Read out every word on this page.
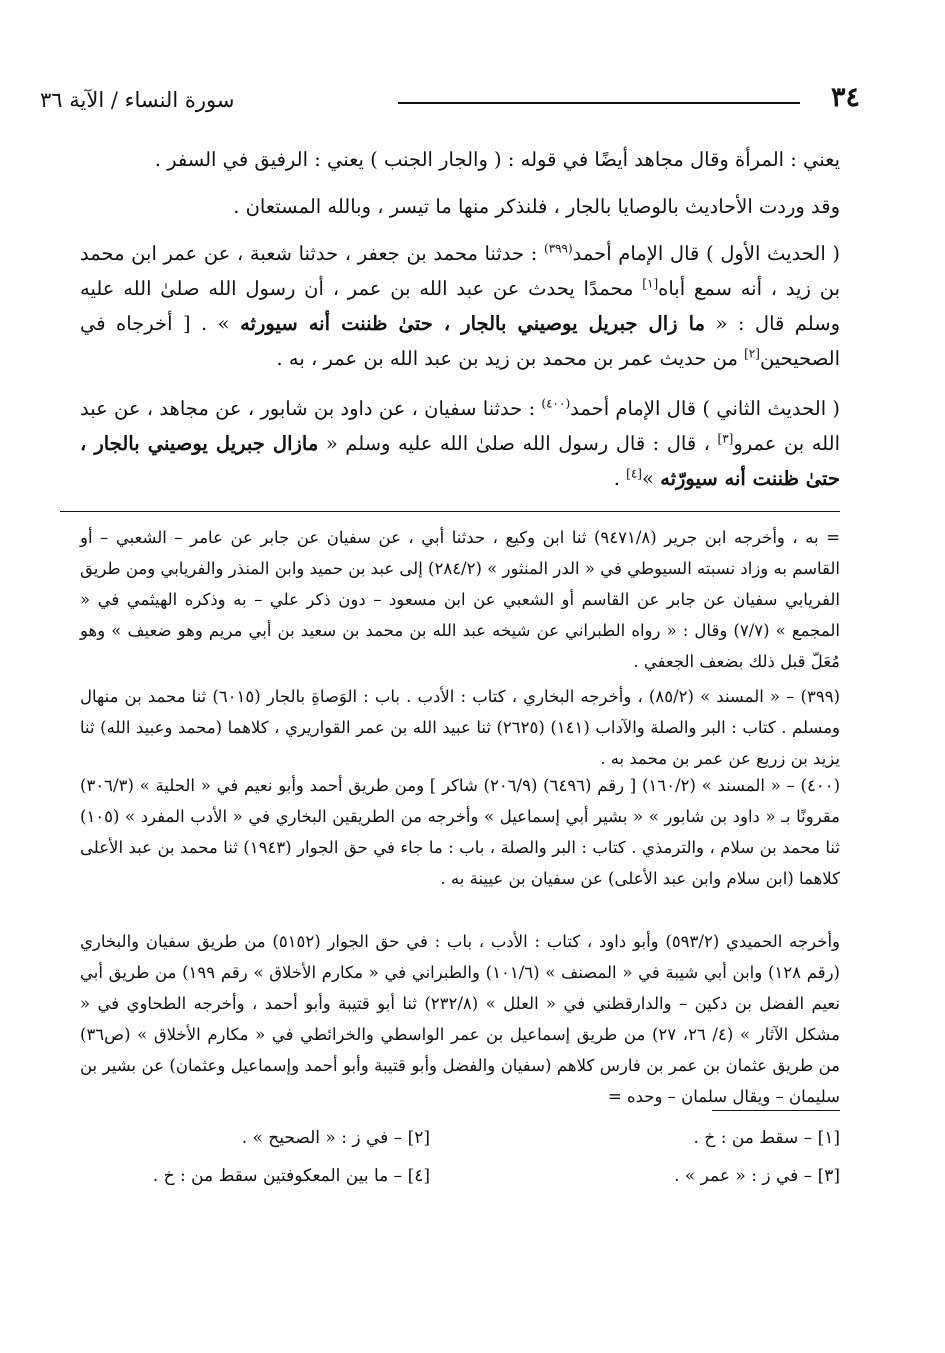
٣٤
سورة النساء / الآية ٣٦

يعني : المرأة وقال مجاهد أيضًا في قوله : ( والجار الجنب ) يعني : الرفيق في السفر .

وقد وردت الأحاديث بالوصايا بالجار ، فلنذكر منها ما تيسر ، وبالله المستعان .

( الحديث الأول ) قال الإمام أحمد$^{(٣٩٩)}$ : حدثنا محمد بن جعفر ، حدثنا شعبة ، عن عمر ابن محمد بن زيد ، أنه سمع أباه[١] محمدًا يحدث عن عبد الله بن عمر ، أن رسول الله صلىٰ الله عليه وسلم قال : « ما زال جبريل يوصيني بالجار ، حتىٰ ظننت أنه سيورثه » . [ أخرجاه في الصحيحين[٢] من حديث عمر بن محمد بن زيد بن عبد الله بن عمر ، به .

( الحديث الثاني ) قال الإمام أحمد$^{(٤٠٠)}$ : حدثنا سفيان ، عن داود بن شابور ، عن مجاهد ، عن عبد الله بن عمرو[٣] ، قال : قال رسول الله صلىٰ الله عليه وسلم « مازال جبريل يوصيني بالجار ، حتىٰ ظننت أنه سيورّثه »[٤] .

= به ، وأخرجه ابن جرير (٩٤٧١/٨) ثنا ابن وكيع ، حدثنا أبي ، عن سفيان عن جابر عن عامر – الشعبي – أو القاسم به وزاد نسبته السيوطي في « الدر المنثور » (٢٨٤/٢) إلى عبد بن حميد وابن المنذر والفريابي ومن طريق الفريابي سفيان عن جابر عن القاسم أو الشعبي عن ابن مسعود – دون ذكر علي – به وذكره الهيثمي في « المجمع » (٧/٧) وقال : « رواه الطبراني عن شيخه عبد الله بن محمد بن سعيد بن أبي مريم وهو ضعيف » وهو مُعَلّ قبل ذلك بضعف الجعفي .

(٣٩٩) – « المسند » (٨٥/٢) ، وأخرجه البخاري ، كتاب : الأدب . باب : الوَصاةِ بالجار (٦٠١٥) ثنا محمد بن منهال ومسلم . كتاب : البر والصلة والآداب (١٤١) (٢٦٢٥) ثنا عبيد الله بن عمر القواريري ، كلاهما (محمد وعبيد الله) ثنا يزيد بن زريع عن عمر بن محمد به .

(٤٠٠) – « المسند » (١٦٠/٢) [ رقم (٦٤٩٦) (٢٠٦/٩) شاكر ] ومن طريق أحمد وأبو نعيم في « الحلية » (٣٠٦/٣) مقرونًا بـ « داود بن شابور » « بشير أبي إسماعيل » وأخرجه من الطريقين البخاري في « الأدب المفرد » (١٠٥) ثنا محمد بن سلام ، والترمذي . كتاب : البر والصلة ، باب : ما جاء في حق الجوار (١٩٤٣) ثنا محمد بن عبد الأعلى كلاهما (ابن سلام وابن عبد الأعلى) عن سفيان بن عيينة به .

وأخرجه الحميدي (٥٩٣/٢) وأبو داود ، كتاب : الأدب ، باب : في حق الجوار (٥١٥٢) من طريق سفيان والبخاري (رقم ١٢٨) وابن أبي شيبة في « المصنف » (١٠١/٦) والطبراني في « مكارم الأخلاق » رقم ١٩٩) من طريق أبي نعيم الفضل بن دكين – والدارقطني في « العلل » (٢٣٢/٨) ثنا أبو قتيبة وأبو أحمد ، وأخرجه الطحاوي في « مشكل الآثار » (٤/ ٢٦، ٢٧) من طريق إسماعيل بن عمر الواسطي والخرائطي في « مكارم الأخلاق » (ص٣٦) من طريق عثمان بن عمر بن فارس كلاهم (سفيان والفضل وأبو قتيبة وأبو أحمد وإسماعيل وعثمان) عن بشير بن سليمان – ويقال سلمان – وحده =

[١] – سقط من : خ .
[٢] – في ز : « الصحيح » .
[٣] – في ز : « عمر » .
[٤] – ما بين المعكوفتين سقط من : خ .
